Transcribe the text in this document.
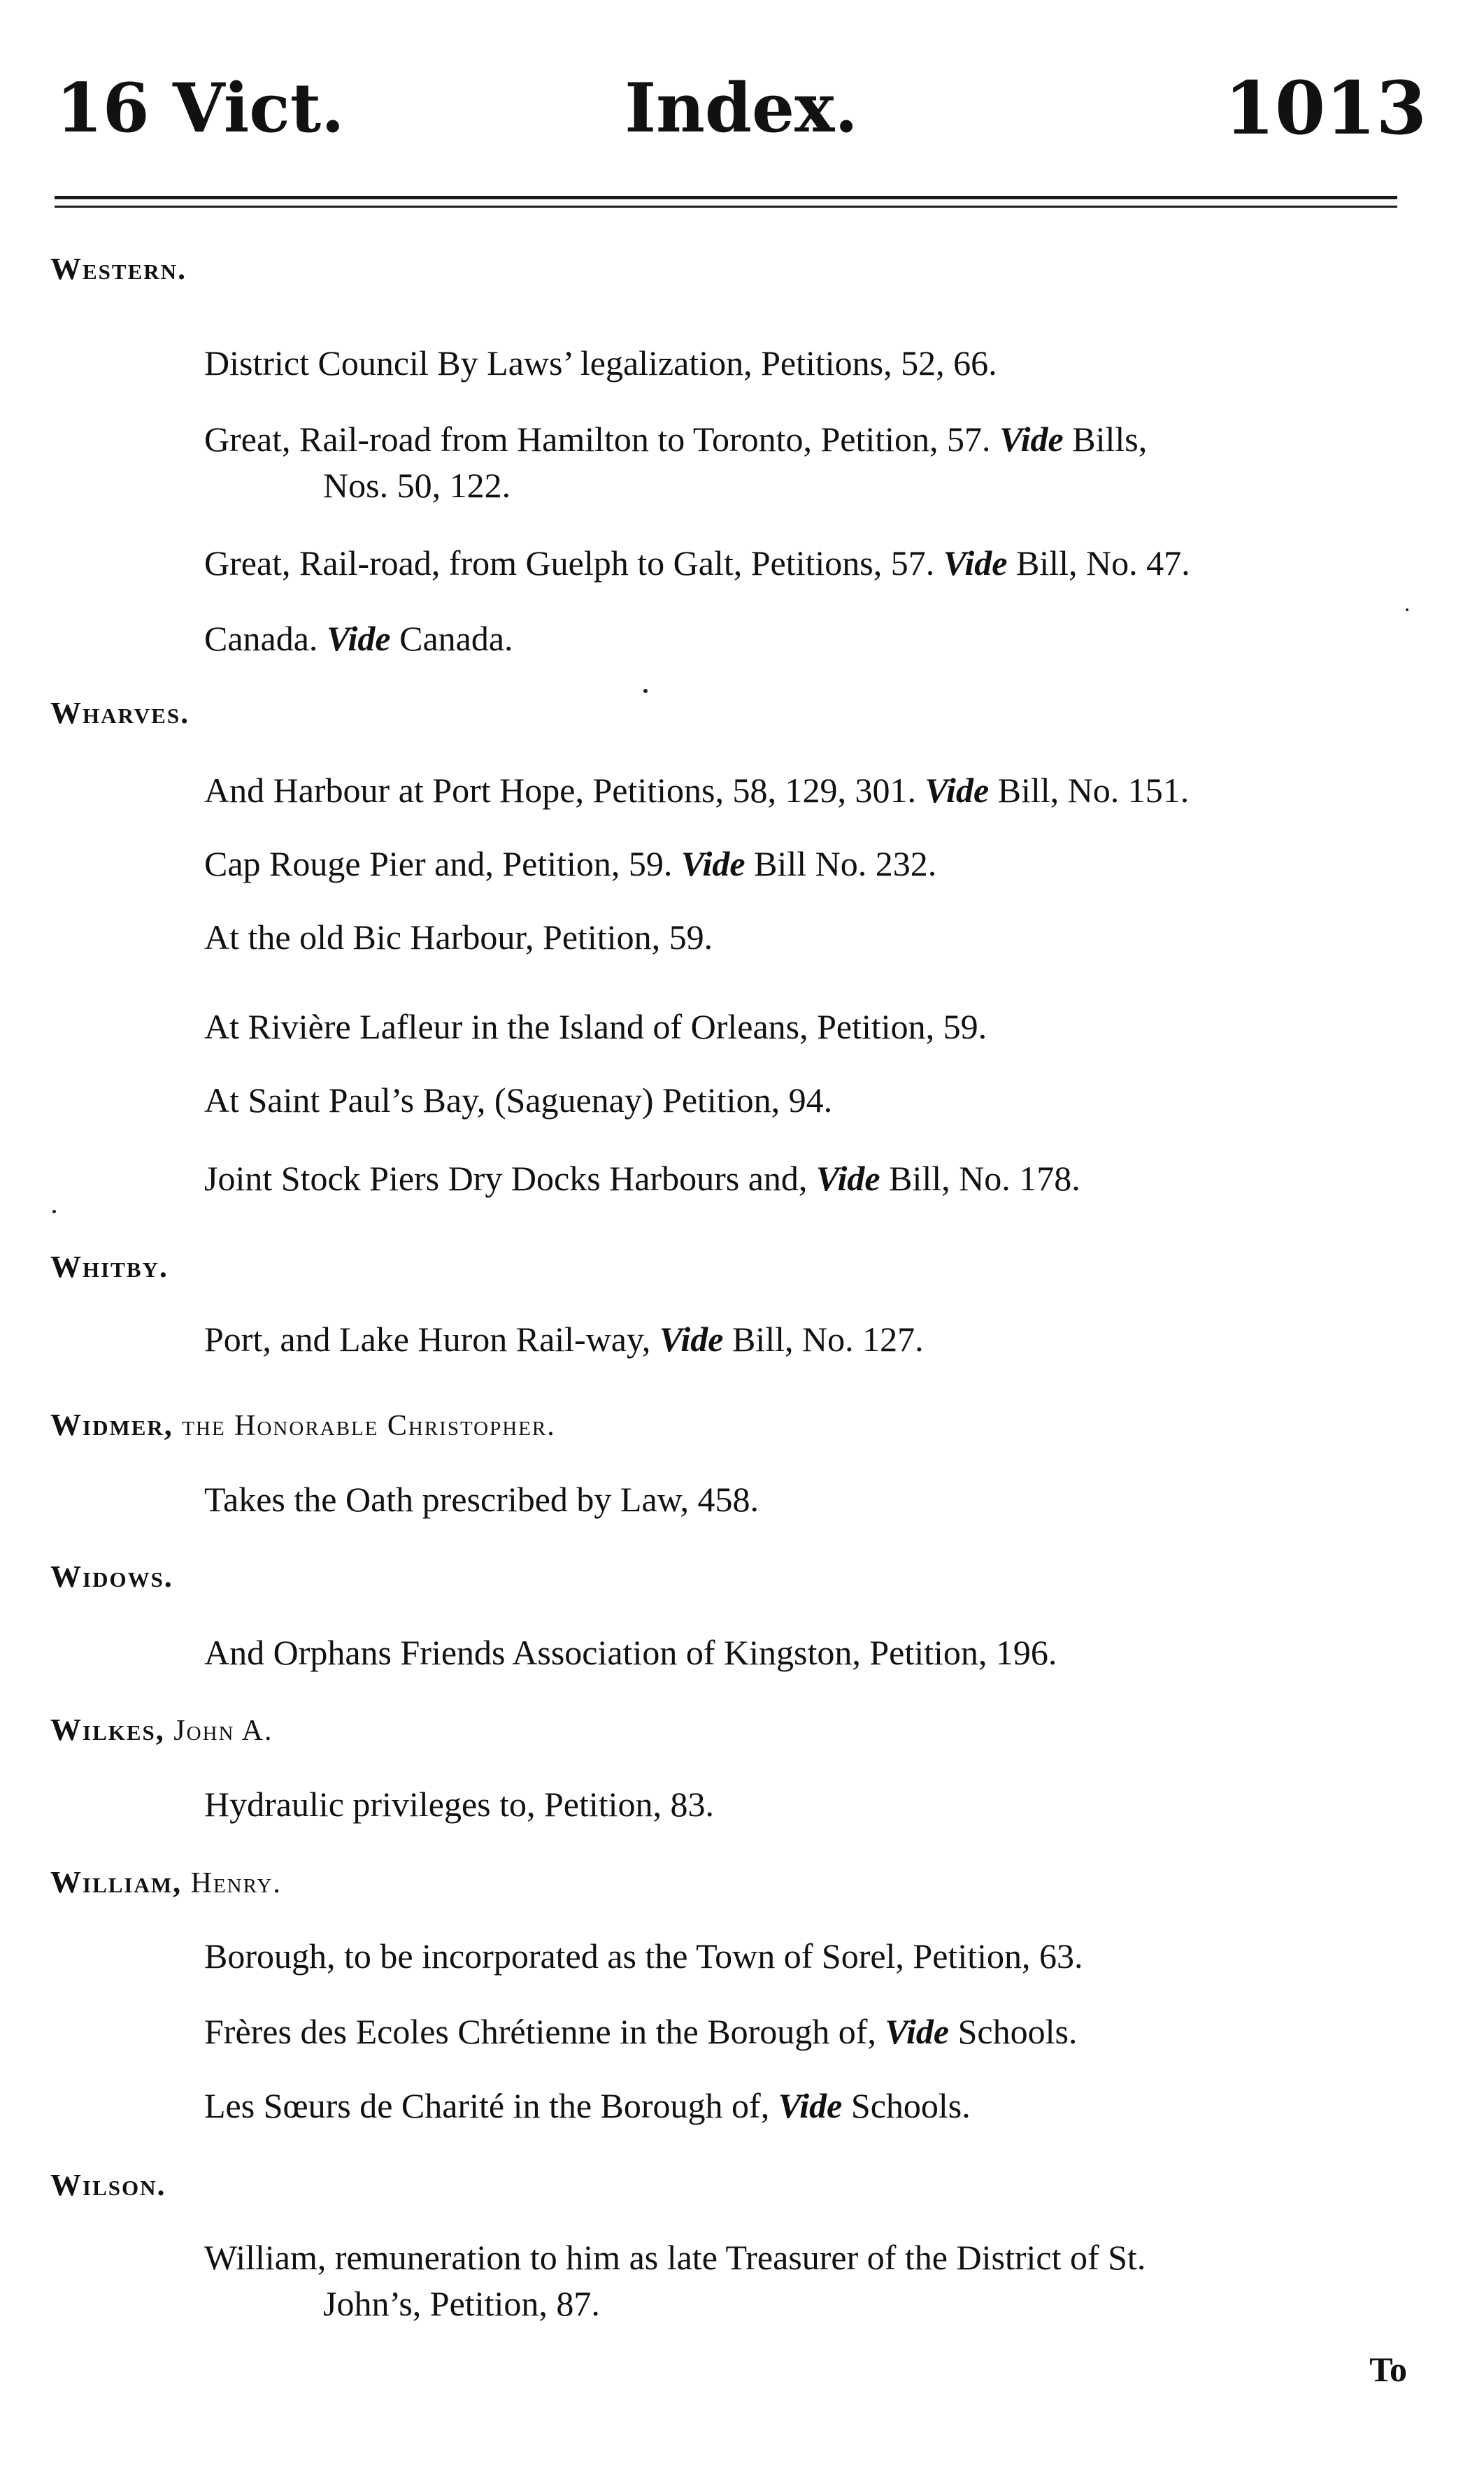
16 Vict.	Index.	1013
Western.
District Council By Laws’ legalization, Petitions, 52, 66.
Great, Rail-road from Hamilton to Toronto, Petition, 57. Vide Bills,
Nos. 50, 122.
Great, Rail-road, from Guelph to Galt, Petitions, 57. Vide Bill, No. 47.
Canada. Vide Canada.
Wharves.
And Harbour at Port Hope, Petitions, 58, 129, 301. Vide Bill, No. 151.
Cap Rouge Pier and, Petition, 59. Vide Bill No. 232.
At the old Bic Harbour, Petition, 59.
At Rivière Lafleur in the Island of Orleans, Petition, 59.
At Saint Paul’s Bay, (Saguenay) Petition, 94.
Joint Stock Piers Dry Docks Harbours and, Vide Bill, No. 178.
Whitby.
Port, and Lake Huron Rail-way, Vide Bill, No. 127.
Widmer, the Honorable Christopher.
Takes the Oath prescribed by Law, 458.
Widows.
And Orphans Friends Association of Kingston, Petition, 196.
Wilkes, John A.
Hydraulic privileges to, Petition, 83.
William, Henry.
Borough, to be incorporated as the Town of Sorel, Petition, 63.
Frères des Ecoles Chrétienne in the Borough of, Vide Schools.
Les Sœurs de Charité in the Borough of, Vide Schools.
Wilson.
William, remuneration to him as late Treasurer of the District of St.
John’s, Petition, 87.
To
